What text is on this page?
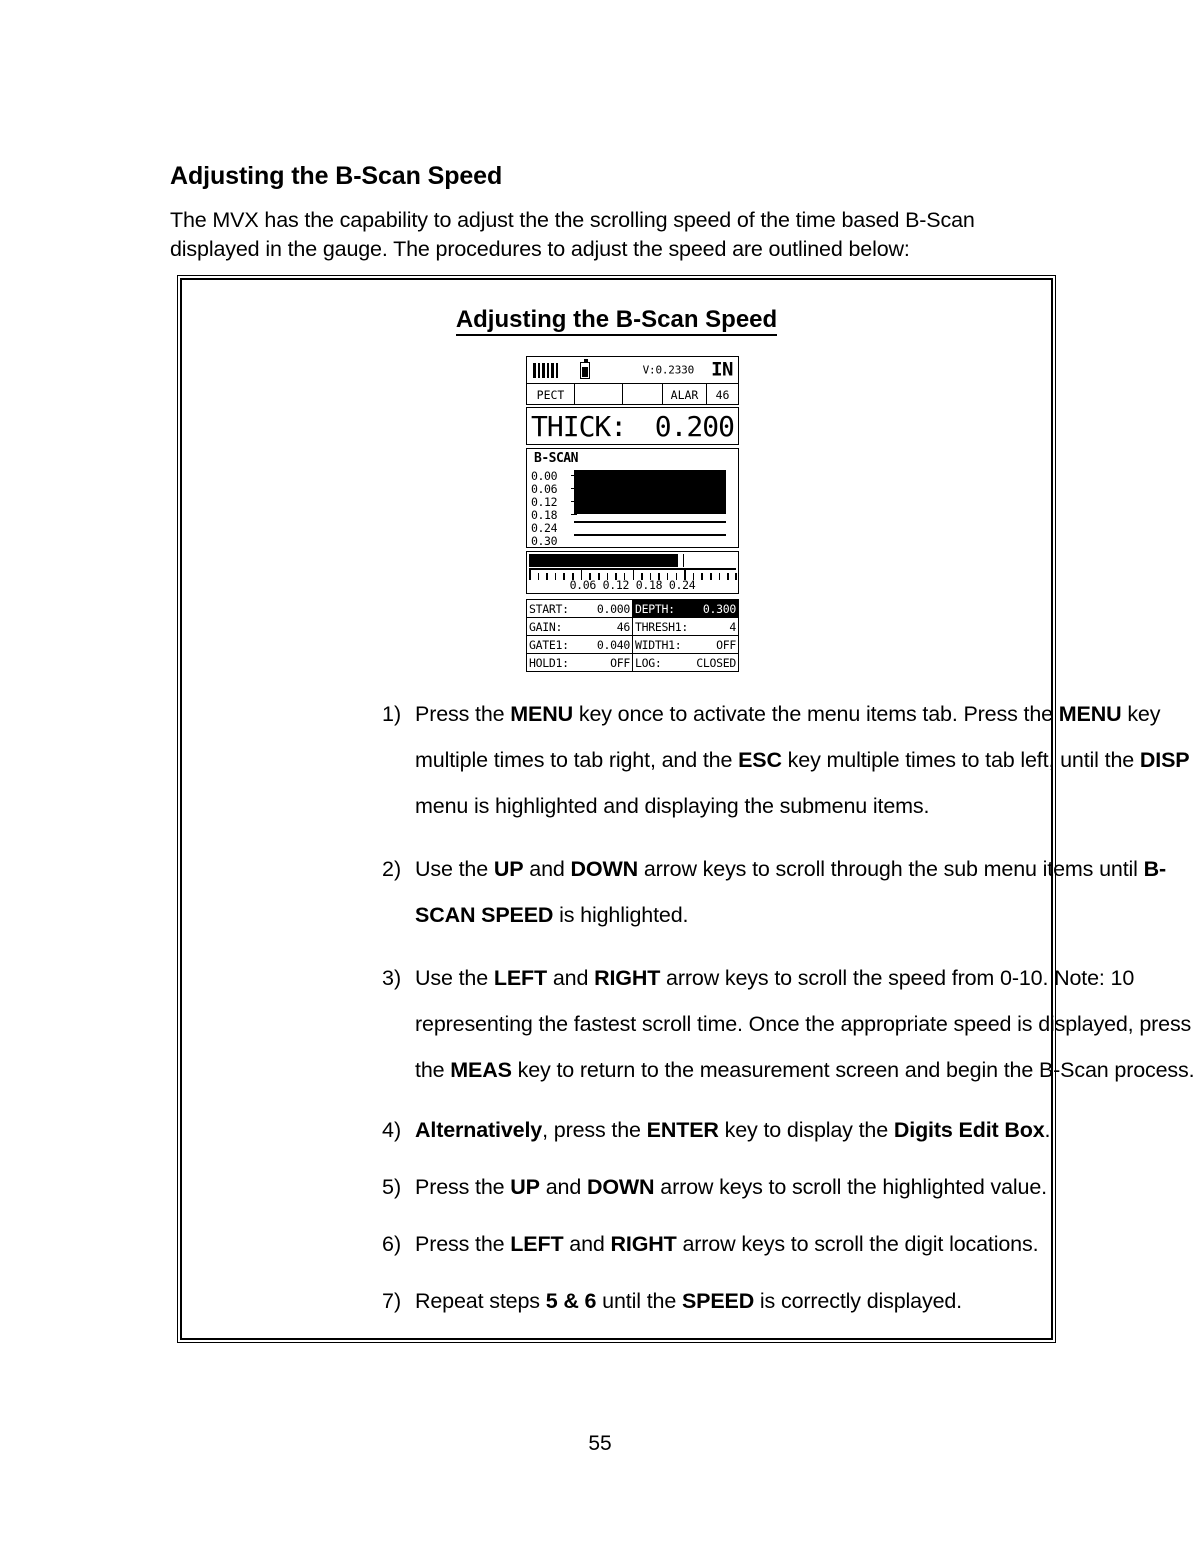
Adjusting the B-Scan Speed

The MVX has the capability to adjust the the scrolling speed of the time based B-Scan displayed in the gauge. The procedures to adjust the speed are outlined below:

Adjusting the B-Scan Speed
V:0.2330 IN
PECT	ALAR	46
THICK: 0.200
B-SCAN
0.00
0.06
0.12
0.18
0.24
0.30
0.06 0.12 0.18 0.24
START: 0.000 DEPTH: 0.300
GAIN:	46 THRESH1:	4
GATE1: 0.040 WIDTH1:	OFF
HOLD1:	OFF LOG:	CLOSED
1) Press the MENU key once to activate the menu items tab. Press the MENU key multiple times to tab right, and the ESC key multiple times to tab left, until the DISP menu is highlighted and displaying the submenu items.
2) Use the UP and DOWN arrow keys to scroll through the sub menu items until B-SCAN SPEED is highlighted.
3) Use the LEFT and RIGHT arrow keys to scroll the speed from 0-10. Note: 10 representing the fastest scroll time. Once the appropriate speed is displayed, press the MEAS key to return to the measurement screen and begin the B-Scan process.
4) Alternatively, press the ENTER key to display the Digits Edit Box.
5) Press the UP and DOWN arrow keys to scroll the highlighted value.
6) Press the LEFT and RIGHT arrow keys to scroll the digit locations.
7) Repeat steps 5 & 6 until the SPEED is correctly displayed.
55
